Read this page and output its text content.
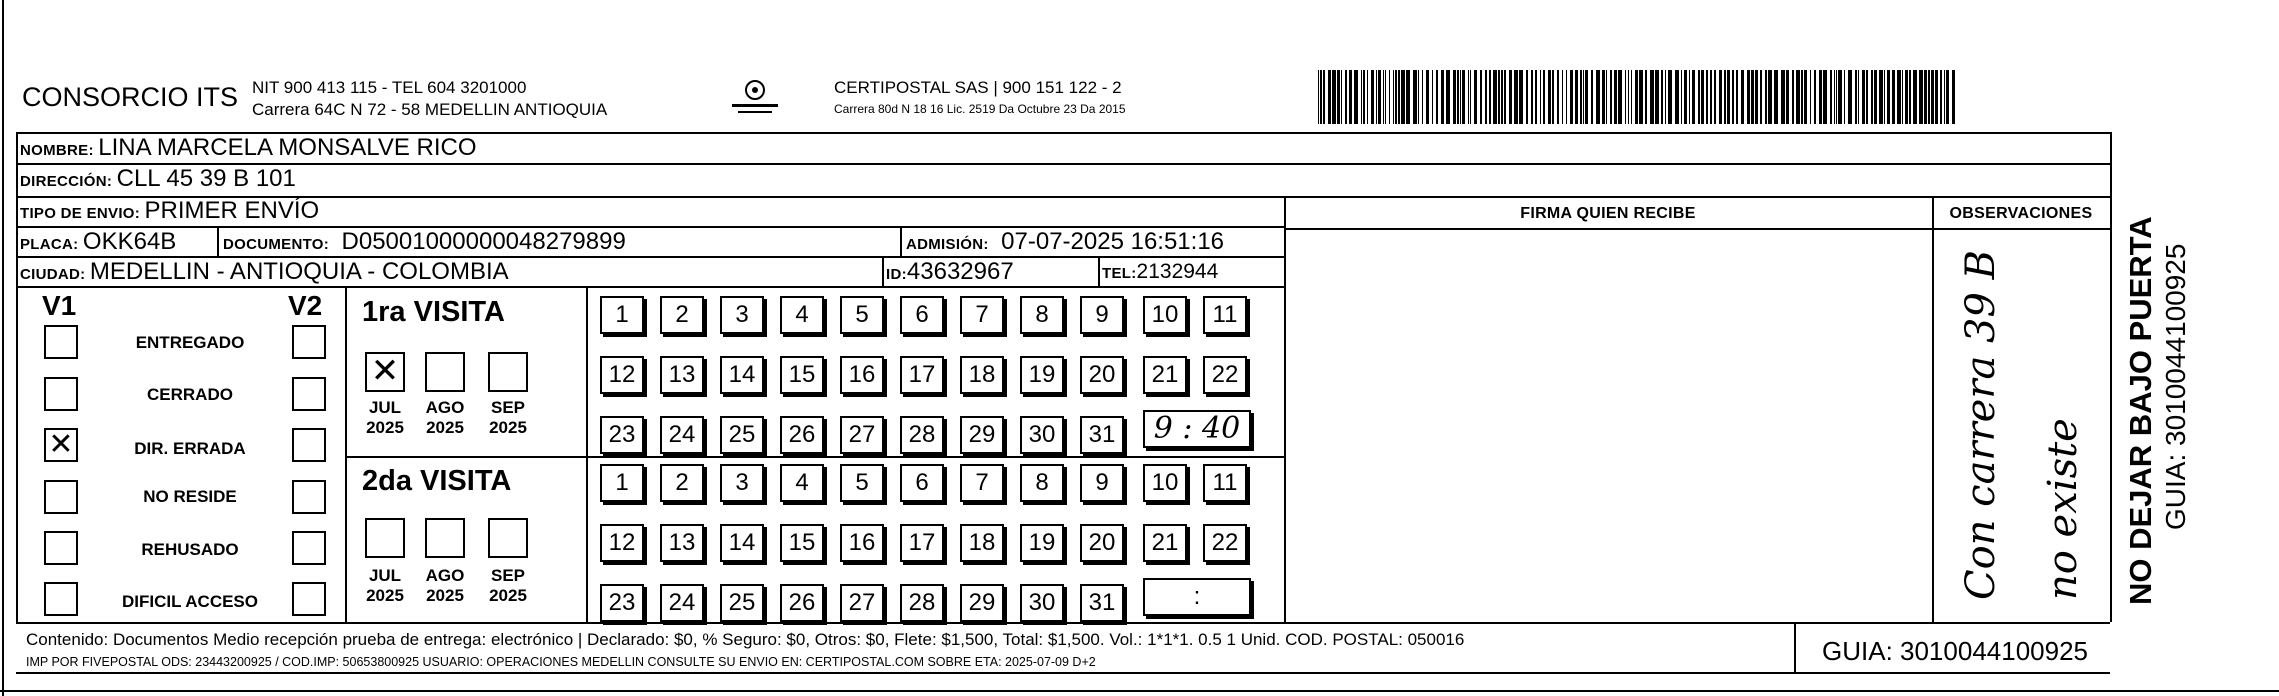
CONSORCIO ITS NIT 900 413 115 - TEL 604 3201000
Carrera 64C N 72 - 58 MEDELLIN ANTIOQUIA
CERTIPOSTAL SAS | 900 151 122 - 2
Carrera 80d N 18 16 Lic. 2519 Da Octubre 23 Da 2015
NOMBRE: LINA MARCELA MONSALVE RICO
DIRECCIÓN: CLL 45 39 B 101
TIPO DE ENVIO: PRIMER ENVÍO	FIRMA QUIEN RECIBE	OBSERVACIONES
PLACA: OKK64B	DOCUMENTO: D05001000000048279899	ADMISIÓN: 07-07-2025 16:51:16
CIUDAD: MEDELLIN - ANTIOQUIA - COLOMBIA	ID:43632967	TEL:2132944
V1	V2
ENTREGADO
CERRADO
✕	DIR. ERRADA
NO RESIDE
REHUSADO
DIFICIL ACCESO
1ra VISITA
✕
JUL
2025
AGO
2025
SEP
2025
1	2	3	4	5	6	7	8	9	10	11
12	13	14	15	16	17	18	19	20	21	22
23	24	25	26	27	28	29	30	31	9 : 40
2da VISITA
JUL
2025
AGO
2025
SEP
2025
1	2	3	4	5	6	7	8	9	10	11
12	13	14	15	16	17	18	19	20	21	22
23	24	25	26	27	28	29	30	31	:	Con carrera 39 B no existe
Contenido: Documentos Medio recepción prueba de entrega: electrónico | Declarado: $0, % Seguro: $0, Otros: $0, Flete: $1,500, Total: $1,500. Vol.: 1*1*1. 0.5 1 Unid. COD. POSTAL: 050016
IMP POR FIVEPOSTAL ODS: 23443200925 / COD.IMP: 50653800925 USUARIO: OPERACIONES MEDELLIN CONSULTE SU ENVIO EN: CERTIPOSTAL.COM SOBRE ETA: 2025-07-09 D+2	GUIA: 3010044100925
NO DEJAR BAJO PUERTA GUIA: 3010044100925
